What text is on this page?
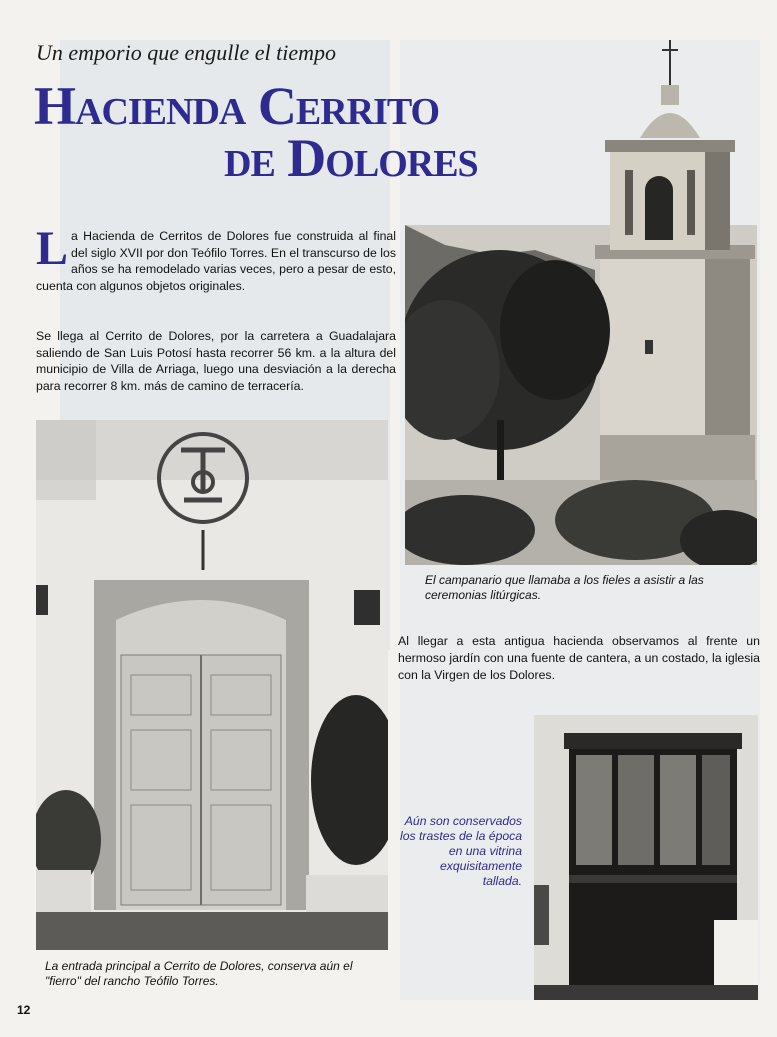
Un emporio que engulle el tiempo
Hacienda Cerrito
de Dolores
La Hacienda de Cerritos de Dolores fue construida al final del siglo XVII por don Teófilo Torres. En el transcurso de los años se ha remodelado varias veces, pero a pesar de esto, cuenta con algunos objetos originales.
Se llega al Cerrito de Dolores, por la carretera a Guadalajara saliendo de San Luis Potosí hasta recorrer 56 km. a la altura del municipio de Villa de Arriaga, luego una desviación a la derecha para recorrer 8 km. más de camino de terracería.
El campanario que llamaba a los fieles a asistir a las ceremonias litúrgicas.
La entrada principal a Cerrito de Dolores, conserva aún el "fierro" del rancho Teófilo Torres.
Al llegar a esta antigua hacienda observamos al frente un hermoso jardín con una fuente de cantera, a un costado, la iglesia con la Virgen de los Dolores.
Aún son conservados los trastes de la época en una vitrina exquisitamente tallada.
12
